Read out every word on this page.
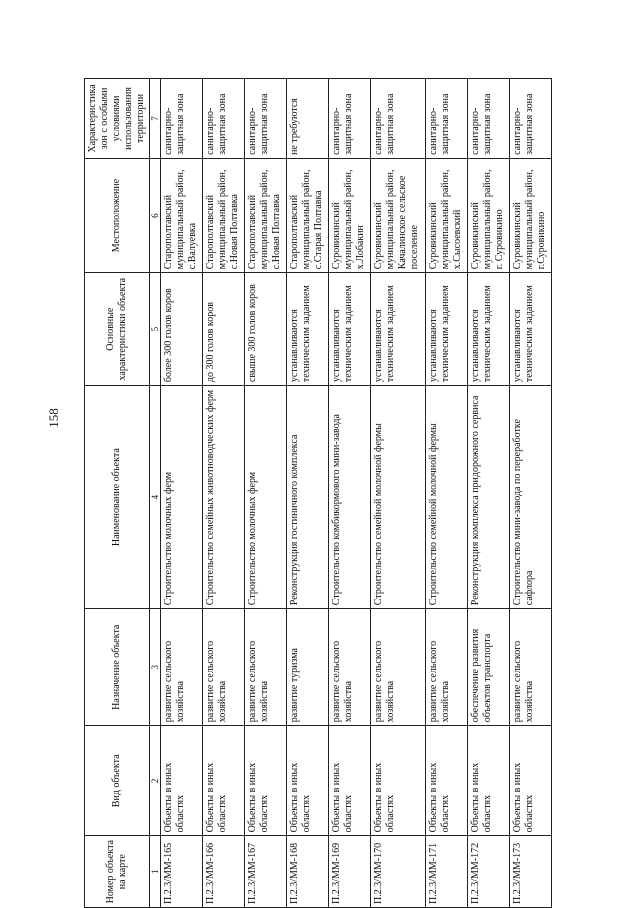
158
Номер объекта на карте	Вид объекта	Назначение объекта	Наименование объекта	Основные характеристики объекта	Местоположение	Характеристика зон с особыми условиями использования территории
1	2	3	4	5	6	7
П.2.3/ММ-165	Объекты в иных областях	развитие сельского хозяйства	Строительство молочных ферм	более 300 голов коров	Старополтавский муниципальный район, с.Валуевка	санитарно-защитная зона
П.2.3/ММ-166	Объекты в иных областях	развитие сельского хозяйства	Строительство семейных животноводческих ферм	до 300 голов коров	Старополтавский муниципальный район, с.Новая Полтавка	санитарно-защитная зона
П.2.3/ММ-167	Объекты в иных областях	развитие сельского хозяйства	Строительство молочных ферм	свыше 300 голов коров	Старополтавский муниципальный район, с.Новая Полтавка	санитарно-защитная зона
П.2.3/ММ-168	Объекты в иных областях	развитие туризма	Реконструкция гостиничного комплекса	устанавливаются техническим заданием	Старополтавский муниципальный район, с.Старая Полтавка	не требуются
П.2.3/ММ-169	Объекты в иных областях	развитие сельского хозяйства	Строительство комбикормового мини-завода	устанавливаются техническим заданием	Суровикинский муниципальный район, х.Лобакин	санитарно-защитная зона
П.2.3/ММ-170	Объекты в иных областях	развитие сельского хозяйства	Строительство семейной молочной фермы	устанавливаются техническим заданием	Суровикинский муниципальный район, Качалинское сельское поселение	санитарно-защитная зона
П.2.3/ММ-171	Объекты в иных областях	развитие сельского хозяйства	Строительство семейной молочной фермы	устанавливаются техническим заданием	Суровикинский муниципальный район, х.Сысоевский	санитарно-защитная зона
П.2.3/ММ-172	Объекты в иных областях	обеспечение развития объектов транспорта	Реконструкция комплекса придорожного сервиса	устанавливаются техническим заданием	Суровикинский муниципальный район, г. Суровикино	санитарно-защитная зона
П.2.3/ММ-173	Объекты в иных областях	развитие сельского хозяйства	Строительство мини-завода по переработке сафлора	устанавливаются техническим заданием	Суровикинский муниципальный район, г.Суровикино	санитарно-защитная зона
